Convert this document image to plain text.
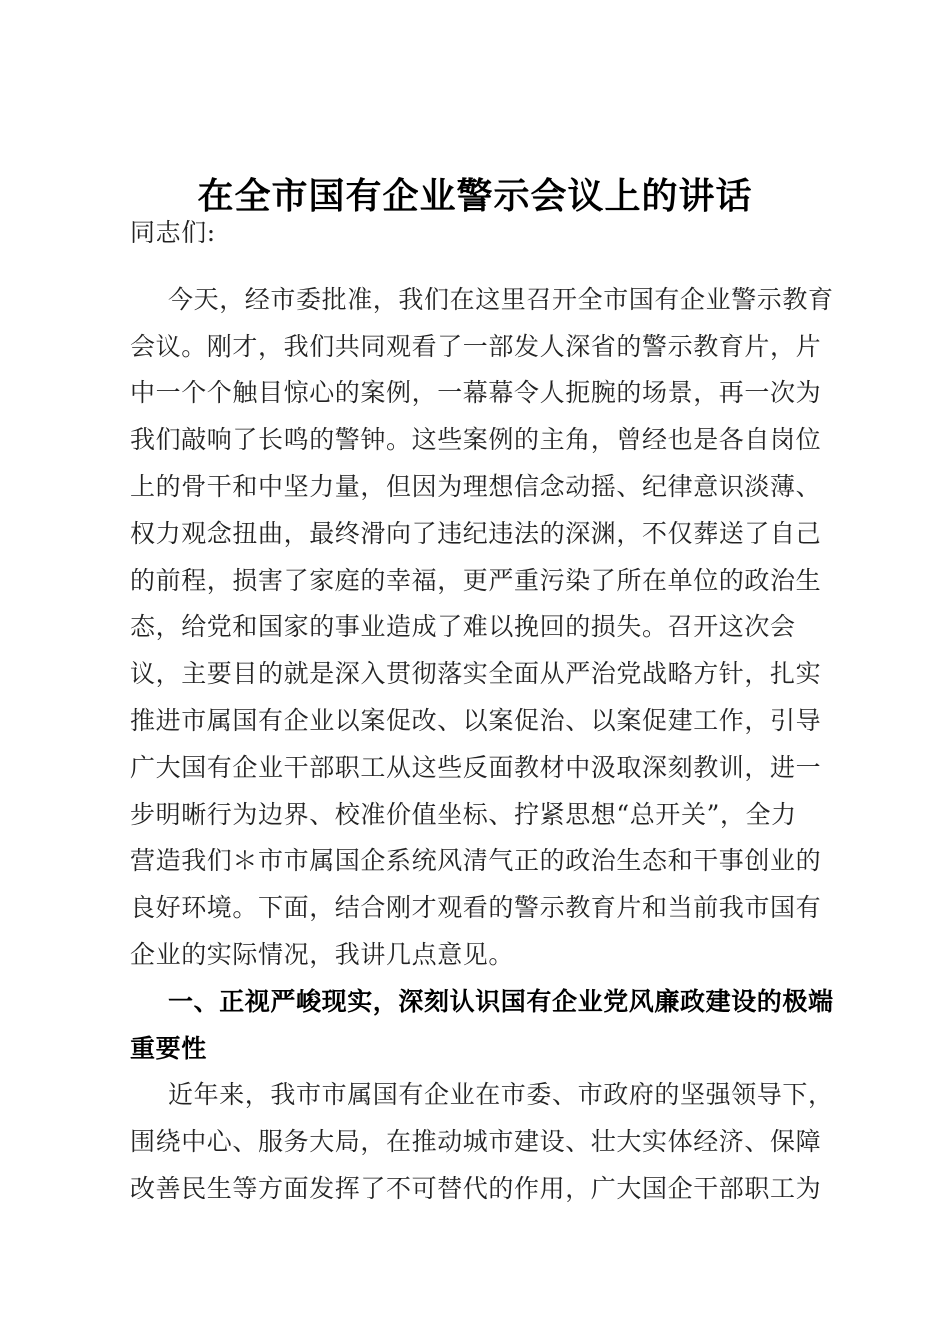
在全市国有企业警示会议上的讲话
同志们:
今天，经市委批准，我们在这里召开全市国有企业警示教育
会议。刚才，我们共同观看了一部发人深省的警示教育片，片
中一个个触目惊心的案例，一幕幕令人扼腕的场景，再一次为
我们敲响了长鸣的警钟。这些案例的主角，曾经也是各自岗位
上的骨干和中坚力量，但因为理想信念动摇、纪律意识淡薄、
权力观念扭曲，最终滑向了违纪违法的深渊，不仅葬送了自己
的前程，损害了家庭的幸福，更严重污染了所在单位的政治生
态，给党和国家的事业造成了难以挽回的损失。召开这次会
议，主要目的就是深入贯彻落实全面从严治党战略方针，扎实
推进市属国有企业以案促改、以案促治、以案促建工作，引导
广大国有企业干部职工从这些反面教材中汲取深刻教训，进一
步明晰行为边界、校准价值坐标、拧紧思想“总开关”，全力
营造我们＊市市属国企系统风清气正的政治生态和干事创业的
良好环境。下面，结合刚才观看的警示教育片和当前我市国有
企业的实际情况，我讲几点意见。
一、正视严峻现实，深刻认识国有企业党风廉政建设的极端
重要性
近年来，我市市属国有企业在市委、市政府的坚强领导下，
围绕中心、服务大局，在推动城市建设、壮大实体经济、保障
改善民生等方面发挥了不可替代的作用，广大国企干部职工为
